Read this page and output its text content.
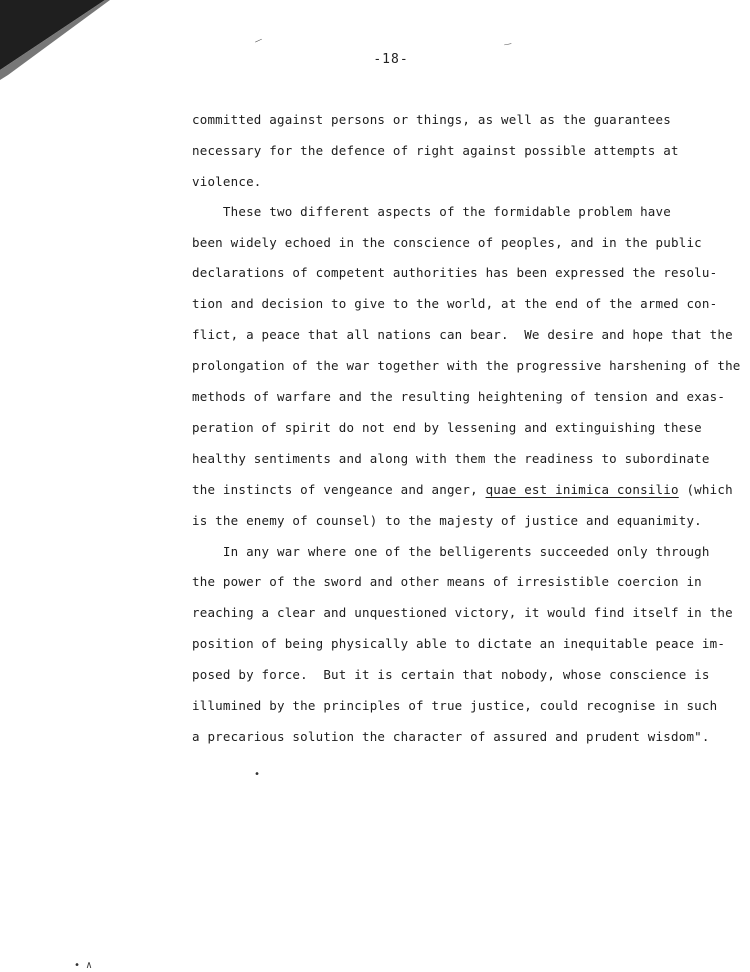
‾	‾
-18-
committed against persons or things, as well as the guarantees
necessary for the defence of right against possible attempts at
violence.
These two different aspects of the formidable problem have
been widely echoed in the conscience of peoples, and in the public
declarations of competent authorities has been expressed the resolu-
tion and decision to give to the world, at the end of the armed con-
flict, a peace that all nations can bear.  We desire and hope that the
prolongation of the war together with the progressive harshening of the
methods of warfare and the resulting heightening of tension and exas-
peration of spirit do not end by lessening and extinguishing these
healthy sentiments and along with them the readiness to subordinate
the instincts of vengeance and anger, quae est inimica consilio (which
is the enemy of counsel) to the majesty of justice and equanimity.
In any war where one of the belligerents succeeded only through
the power of the sword and other means of irresistible coercion in
reaching a clear and unquestioned victory, it would find itself in the
position of being physically able to dictate an inequitable peace im-
posed by force.  But it is certain that nobody, whose conscience is
illumined by the principles of true justice, could recognise in such
a precarious solution the character of assured and prudent wisdom".
•
• ∧
